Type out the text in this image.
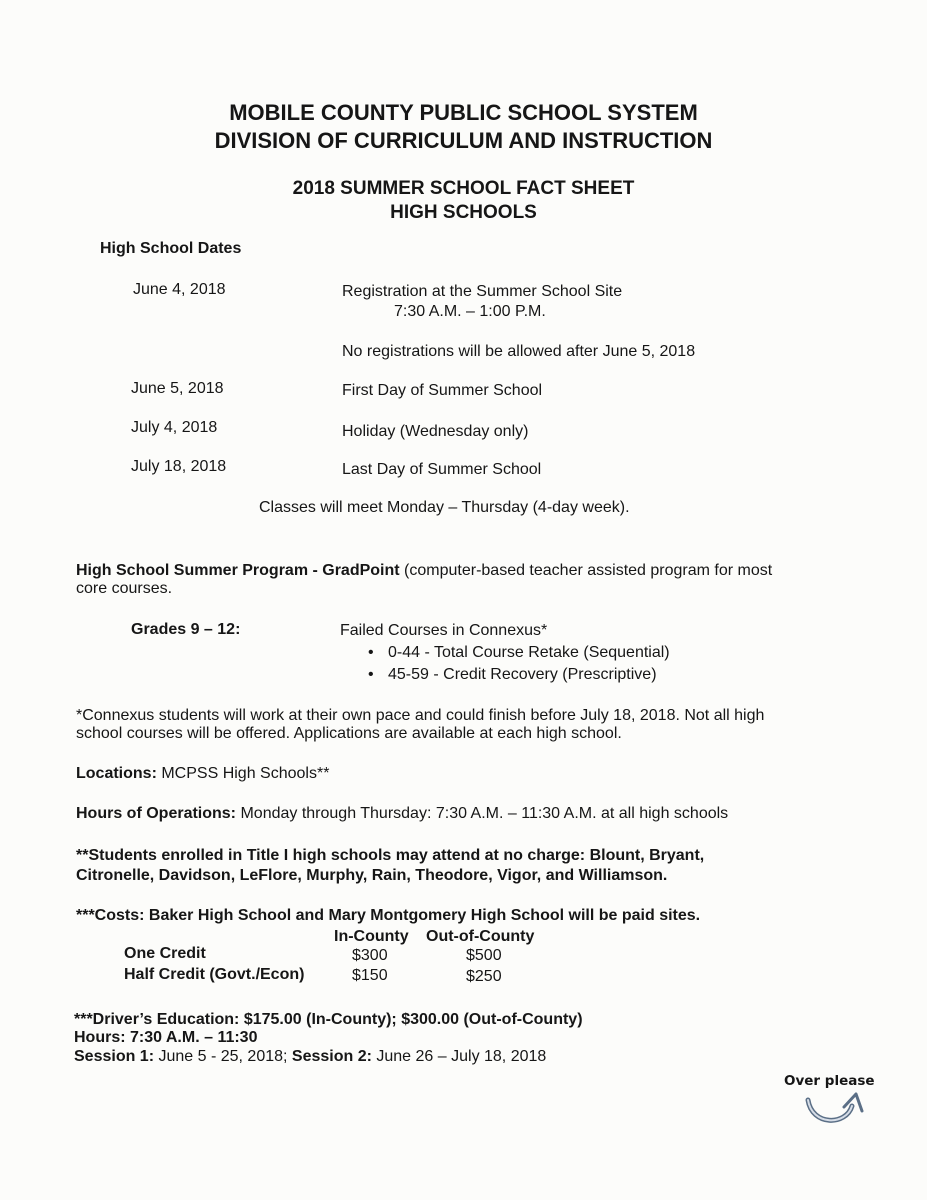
MOBILE COUNTY PUBLIC SCHOOL SYSTEM
DIVISION OF CURRICULUM AND INSTRUCTION
2018 SUMMER SCHOOL FACT SHEET
HIGH SCHOOLS
High School Dates
June 4, 2018	Registration at the Summer School Site
7:30 A.M. – 1:00 P.M.
No registrations will be allowed after June 5, 2018
June 5, 2018	First Day of Summer School
July 4, 2018	Holiday (Wednesday only)
July 18, 2018	Last Day of Summer School
Classes will meet Monday – Thursday (4-day week).
High School Summer Program - GradPoint (computer-based teacher assisted program for most
core courses.
Grades 9 – 12:	Failed Courses in Connexus*
• 0-44 - Total Course Retake (Sequential)
• 45-59 - Credit Recovery (Prescriptive)
*Connexus students will work at their own pace and could finish before July 18, 2018. Not all high
school courses will be offered. Applications are available at each high school.
Locations: MCPSS High Schools**
Hours of Operations: Monday through Thursday: 7:30 A.M. – 11:30 A.M. at all high schools
**Students enrolled in Title I high schools may attend at no charge: Blount, Bryant,
Citronelle, Davidson, LeFlore, Murphy, Rain, Theodore, Vigor, and Williamson.
***Costs: Baker High School and Mary Montgomery High School will be paid sites.
In-County Out-of-County
One Credit	$300	$500
Half Credit (Govt./Econ)	$150	$250
***Driver’s Education: $175.00 (In-County); $300.00 (Out-of-County)
Hours: 7:30 A.M. – 11:30
Session 1: June 5 - 25, 2018; Session 2: June 26 – July 18, 2018
Over please
